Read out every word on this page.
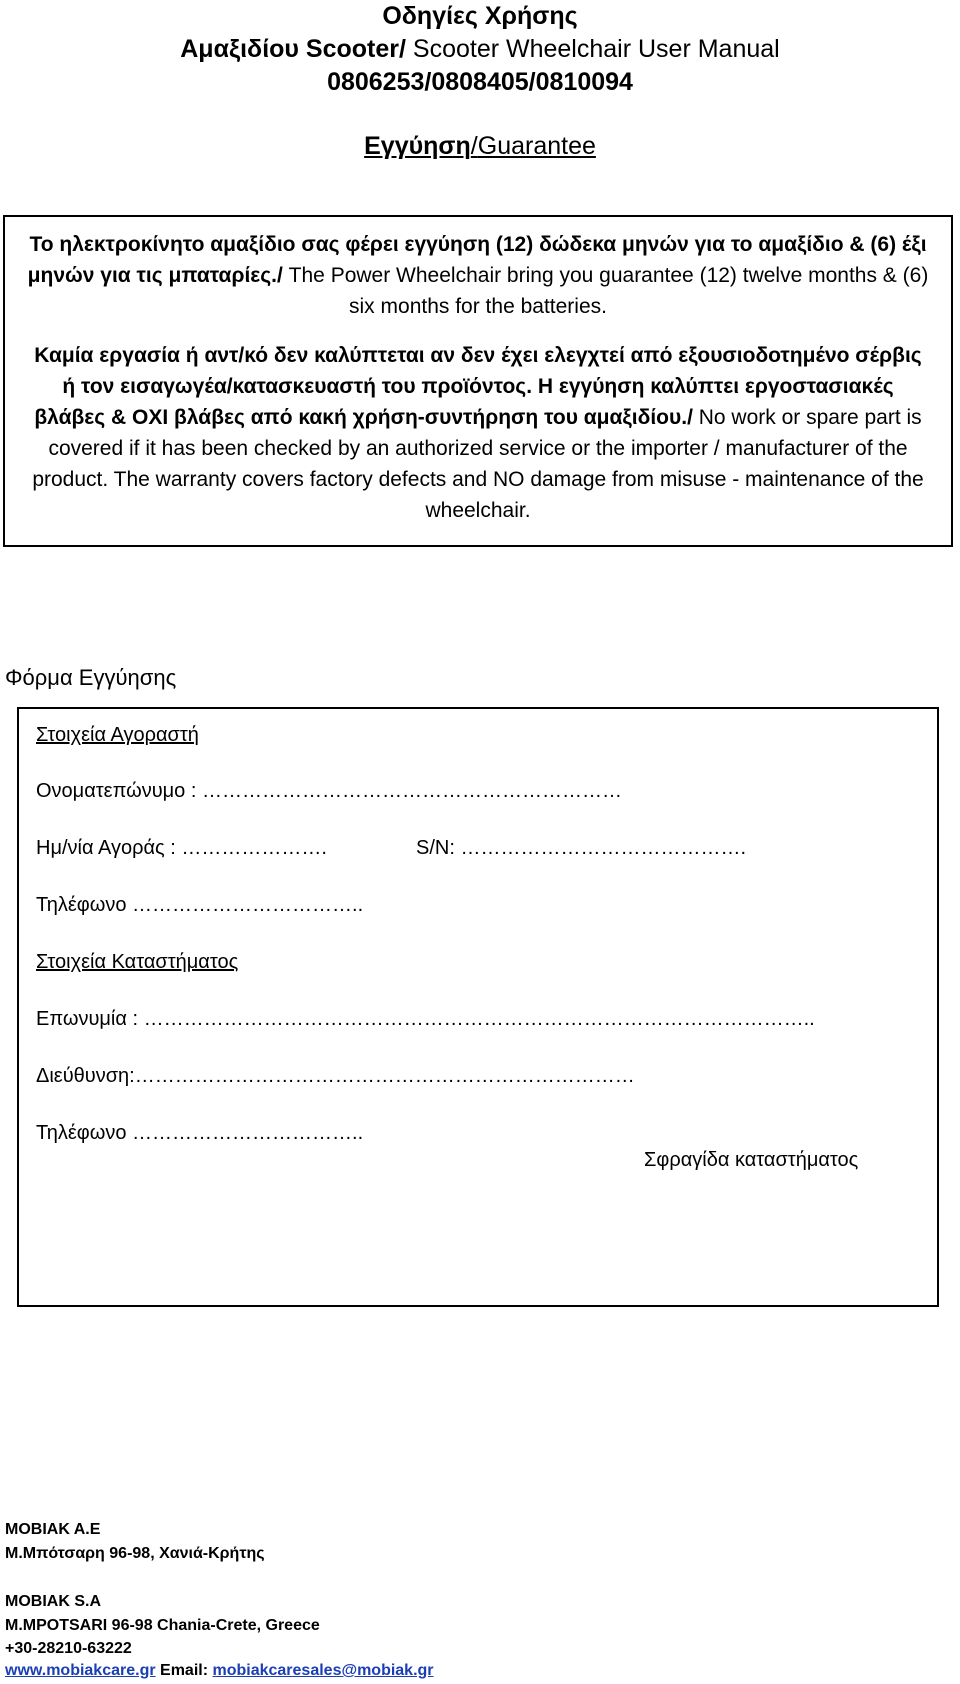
Οδηγίες Χρήσης
Αμαξιδίου Scooter/ Scooter Wheelchair User Manual
0806253/0808405/0810094
Εγγύηση/Guarantee

Το ηλεκτροκίνητο αμαξίδιο σας φέρει εγγύηση (12) δώδεκα μηνών για το αμαξίδιο & (6) έξι μηνών για τις μπαταρίες./ The Power Wheelchair bring you guarantee (12) twelve months & (6) six months for the batteries.

Καμία εργασία ή αντ/κό δεν καλύπτεται αν δεν έχει ελεγχτεί από εξουσιοδοτημένο σέρβις ή τον εισαγωγέα/κατασκευαστή του προϊόντος. Η εγγύηση καλύπτει εργοστασιακές βλάβες & ΟΧΙ βλάβες από κακή χρήση-συντήρηση του αμαξιδίου./ No work or spare part is covered if it has been checked by an authorized service or the importer / manufacturer of the product. The warranty covers factory defects and NO damage from misuse - maintenance of the wheelchair.

Φόρμα Εγγύησης
Στοιχεία Αγοραστή
Ονοματεπώνυμο : ………………………………………………………
Ημ/νία Αγοράς : ………………….	S/N: …………………………………….
Τηλέφωνο ……………………………..
Στοιχεία Καταστήματος
Επωνυμία : ………………………………………………………………………………………..
Διεύθυνση:…………………………………………………………………
Τηλέφωνο ……………………………..
Σφραγίδα καταστήματος
MOBIAK A.E
Μ.Μπότσαρη 96-98, Χανιά-Κρήτης
MOBIAK S.A
M.MPOTSARI 96-98 Chania-Crete, Greece
+30-28210-63222
www.mobiakcare.gr Email: mobiakcaresales@mobiak.gr
